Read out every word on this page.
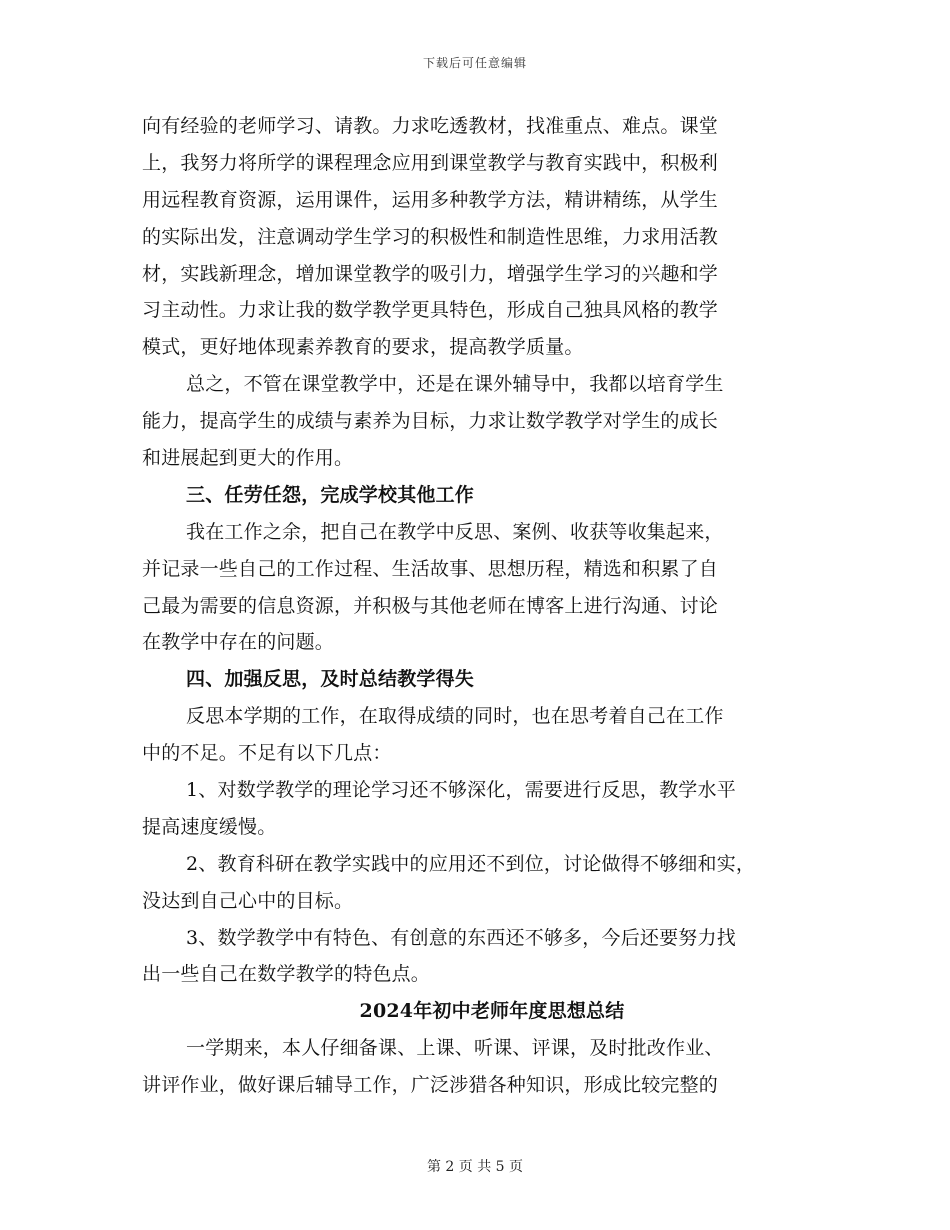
下载后可任意编辑
向有经验的老师学习、请教。力求吃透教材，找准重点、难点。课堂
上，我努力将所学的课程理念应用到课堂教学与教育实践中，积极利
用远程教育资源，运用课件，运用多种教学方法，精讲精练，从学生
的实际出发，注意调动学生学习的积极性和制造性思维，力求用活教
材，实践新理念，增加课堂教学的吸引力，增强学生学习的兴趣和学
习主动性。力求让我的数学教学更具特色，形成自己独具风格的教学
模式，更好地体现素养教育的要求，提高教学质量。
总之，不管在课堂教学中，还是在课外辅导中，我都以培育学生
能力，提高学生的成绩与素养为目标，力求让数学教学对学生的成长
和进展起到更大的作用。
三、任劳任怨，完成学校其他工作
我在工作之余，把自己在教学中反思、案例、收获等收集起来，
并记录一些自己的工作过程、生活故事、思想历程，精选和积累了自
己最为需要的信息资源，并积极与其他老师在博客上进行沟通、讨论
在教学中存在的问题。
四、加强反思，及时总结教学得失
反思本学期的工作，在取得成绩的同时，也在思考着自己在工作
中的不足。不足有以下几点：
1、对数学教学的理论学习还不够深化，需要进行反思，教学水平
提高速度缓慢。
2、教育科研在教学实践中的应用还不到位，讨论做得不够细和实，
没达到自己心中的目标。
3、数学教学中有特色、有创意的东西还不够多，今后还要努力找
出一些自己在数学教学的特色点。
2024年初中老师年度思想总结
一学期来，本人仔细备课、上课、听课、评课，及时批改作业、
讲评作业，做好课后辅导工作，广泛涉猎各种知识，形成比较完整的
第 2 页 共 5 页
